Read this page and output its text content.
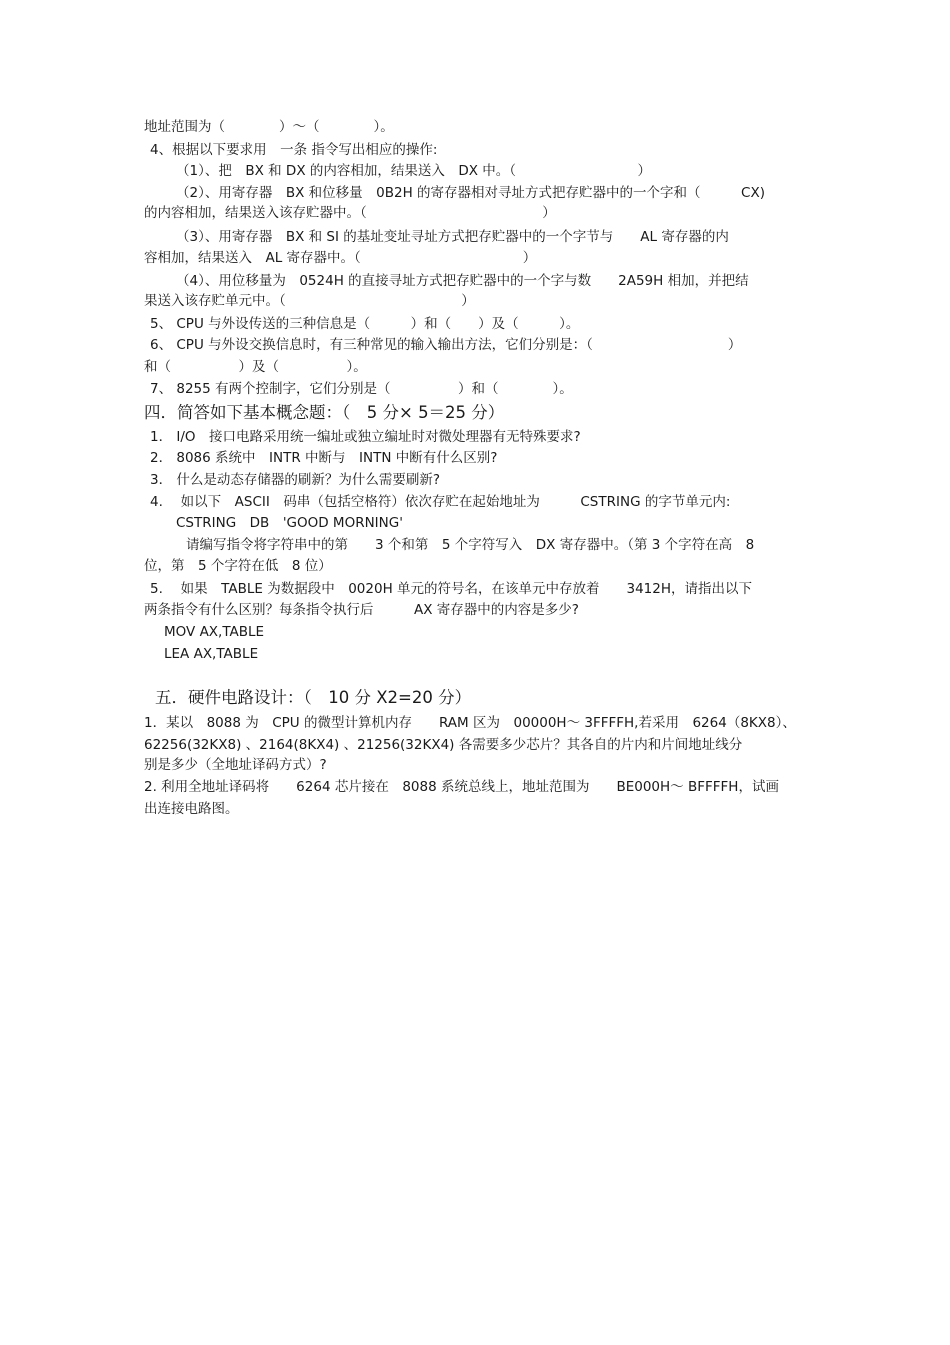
地址范围为（　　　　）～（　　　　）。
4、根据以下要求用　一条 指令写出相应的操作:
（1）、把　BX 和 DX 的内容相加，结果送入　DX 中。（　　　　　　　　　）
（2）、用寄存器　BX 和位移量　0B2H 的寄存器相对寻址方式把存贮器中的一个字和（　　　CX)
的内容相加，结果送入该存贮器中。（　　　　　　　　　　　　　）
（3）、用寄存器　BX 和 SI 的基址变址寻址方式把存贮器中的一个字节与　　AL 寄存器的内
容相加，结果送入　AL 寄存器中。（　　　　　　　　　　　　）
（4）、用位移量为　0524H 的直接寻址方式把存贮器中的一个字与数　　2A59H 相加，并把结
果送入该存贮单元中。（　　　　　　　　　　　　　）
5、 CPU 与外设传送的三种信息是（　　　）和（　　）及（　　　）。
6、 CPU 与外设交换信息时，有三种常见的输入输出方法，它们分别是：（　　　　　　　　　　）
和（　　　　　）及（　　　　　）。
7、 8255 有两个控制字，它们分别是（　　　　　）和（　　　　）。
四．简答如下基本概念题：（　5 分× 5＝25 分）
1． I/O　接口电路采用统一编址或独立编址时对微处理器有无特殊要求?
2． 8086 系统中　INTR 中断与　INTN 中断有什么区别?
3． 什么是动态存储器的刷新？为什么需要刷新?
4.　 如以下　ASCII　码串（包括空格符）依次存贮在起始地址为　　　CSTRING 的字节单元内:
CSTRING　DB　'GOOD MORNING'
请编写指令将字符串中的第　　3 个和第　5 个字符写入　DX 寄存器中。（第 3 个字符在高　8
位，第　5 个字符在低　8 位）
5.　 如果　TABLE 为数据段中　0020H 单元的符号名，在该单元中存放着　　3412H，请指出以下
两条指令有什么区别？每条指令执行后　　　AX 寄存器中的内容是多少?
MOV AX,TABLE
LEA AX,TABLE
五．硬件电路设计：（　10 分 X2=20 分）
1．某以　8088 为　CPU 的微型计算机内存　　RAM 区为　00000H～ 3FFFFH,若采用　6264（8KX8）、
62256(32KX8) 、2164(8KX4) 、21256(32KX4) 各需要多少芯片？其各自的片内和片间地址线分
别是多少（全地址译码方式）?
2. 利用全地址译码将　　6264 芯片接在　8088 系统总线上，地址范围为　　BE000H～ BFFFFH，试画
出连接电路图。
